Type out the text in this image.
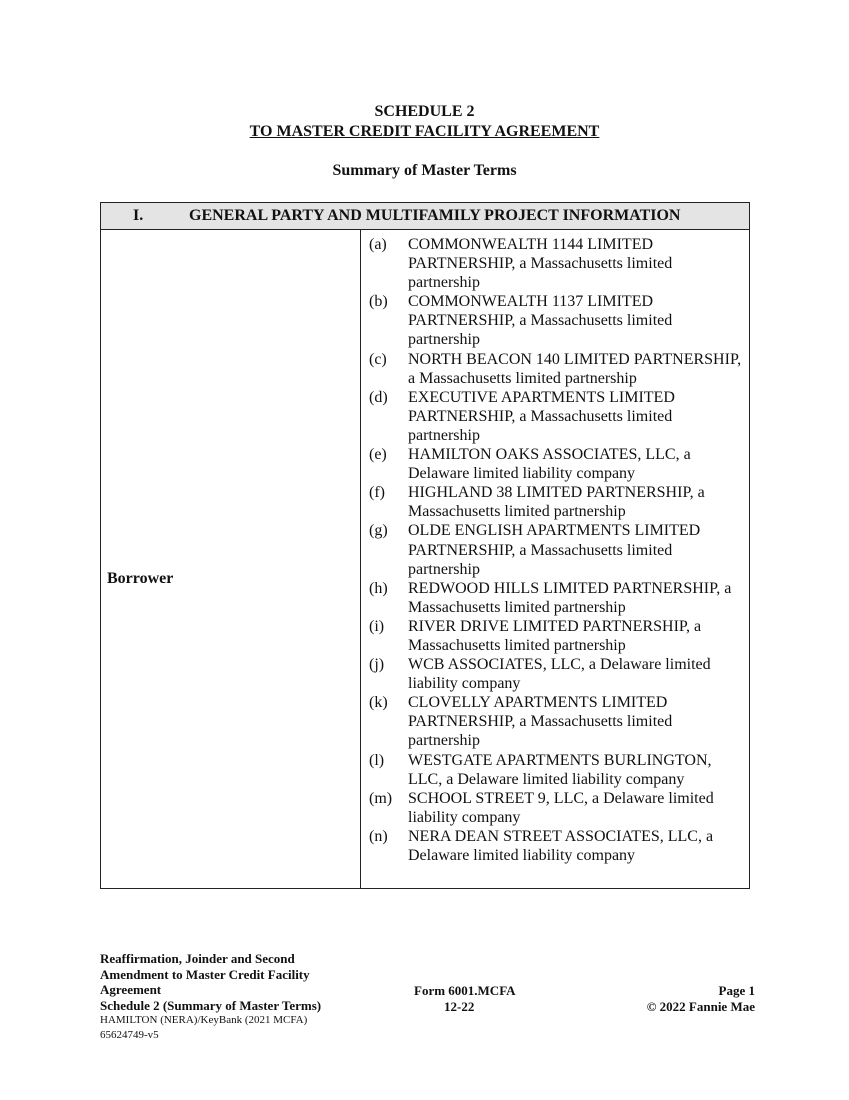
SCHEDULE 2
TO MASTER CREDIT FACILITY AGREEMENT
Summary of Master Terms
I.	GENERAL PARTY AND MULTIFAMILY PROJECT INFORMATION
Borrower
(a) COMMONWEALTH 1144 LIMITED PARTNERSHIP, a Massachusetts limited partnership
(b) COMMONWEALTH 1137 LIMITED PARTNERSHIP, a Massachusetts limited partnership
(c) NORTH BEACON 140 LIMITED PARTNERSHIP, a Massachusetts limited partnership
(d) EXECUTIVE APARTMENTS LIMITED PARTNERSHIP, a Massachusetts limited partnership
(e) HAMILTON OAKS ASSOCIATES, LLC, a Delaware limited liability company
(f) HIGHLAND 38 LIMITED PARTNERSHIP, a Massachusetts limited partnership
(g) OLDE ENGLISH APARTMENTS LIMITED PARTNERSHIP, a Massachusetts limited partnership
(h) REDWOOD HILLS LIMITED PARTNERSHIP, a Massachusetts limited partnership
(i) RIVER DRIVE LIMITED PARTNERSHIP, a Massachusetts limited partnership
(j) WCB ASSOCIATES, LLC, a Delaware limited liability company
(k) CLOVELLY APARTMENTS LIMITED PARTNERSHIP, a Massachusetts limited partnership
(l) WESTGATE APARTMENTS BURLINGTON, LLC, a Delaware limited liability company
(m) SCHOOL STREET 9, LLC, a Delaware limited liability company
(n) NERA DEAN STREET ASSOCIATES, LLC, a Delaware limited liability company
Reaffirmation, Joinder and Second
Amendment to Master Credit Facility
Agreement
Schedule 2 (Summary of Master Terms)
HAMILTON (NERA)/KeyBank (2021 MCFA)
65624749-v5
Form 6001.MCFA
12-22
Page 1
© 2022 Fannie Mae
